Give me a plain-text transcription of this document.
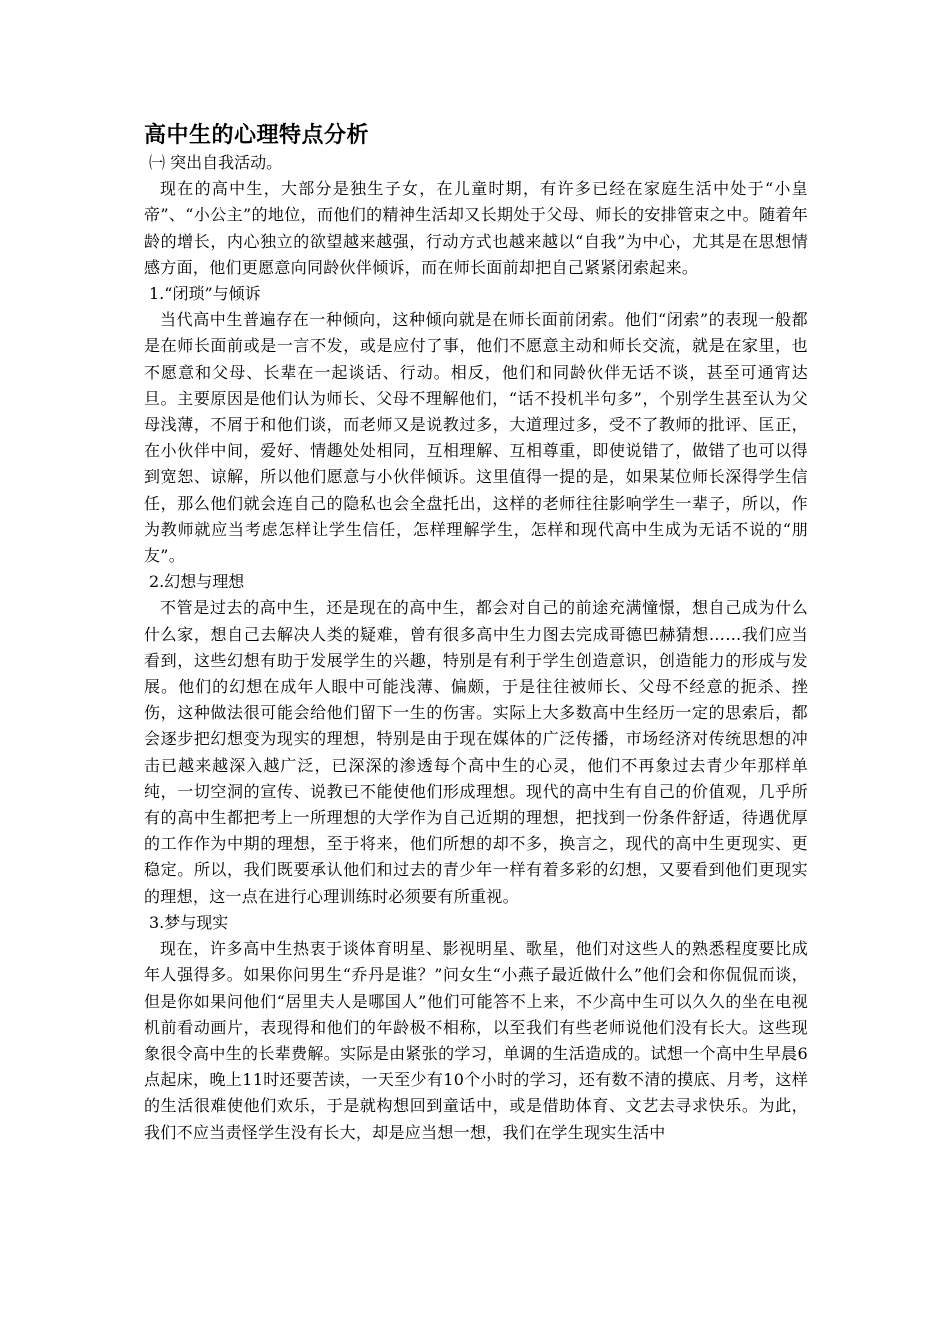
高中生的心理特点分析

㈠ 突出自我活动。

现在的高中生，大部分是独生子女，在儿童时期，有许多已经在家庭生活中处于“小皇帝”、“小公主”的地位，而他们的精神生活却又长期处于父母、师长的安排管束之中。随着年龄的增长，内心独立的欲望越来越强，行动方式也越来越以“自我”为中心，尤其是在思想情感方面，他们更愿意向同龄伙伴倾诉，而在师长面前却把自己紧紧闭索起来。

1.“闭琐”与倾诉

当代高中生普遍存在一种倾向，这种倾向就是在师长面前闭索。他们“闭索”的表现一般都是在师长面前或是一言不发，或是应付了事，他们不愿意主动和师长交流，就是在家里，也不愿意和父母、长辈在一起谈话、行动。相反，他们和同龄伙伴无话不谈，甚至可通宵达旦。主要原因是他们认为师长、父母不理解他们，“话不投机半句多”，个别学生甚至认为父母浅薄，不屑于和他们谈，而老师又是说教过多，大道理过多，受不了教师的批评、匡正，在小伙伴中间，爱好、情趣处处相同，互相理解、互相尊重，即使说错了，做错了也可以得到宽恕、谅解，所以他们愿意与小伙伴倾诉。这里值得一提的是，如果某位师长深得学生信任，那么他们就会连自己的隐私也会全盘托出，这样的老师往往影响学生一辈子，所以，作为教师就应当考虑怎样让学生信任，怎样理解学生，怎样和现代高中生成为无话不说的“朋友”。

2.幻想与理想

不管是过去的高中生，还是现在的高中生，都会对自己的前途充满憧憬，想自己成为什么什么家，想自己去解决人类的疑难，曾有很多高中生力图去完成哥德巴赫猜想……我们应当看到，这些幻想有助于发展学生的兴趣，特别是有利于学生创造意识，创造能力的形成与发展。他们的幻想在成年人眼中可能浅薄、偏颇，于是往往被师长、父母不经意的扼杀、挫伤，这种做法很可能会给他们留下一生的伤害。实际上大多数高中生经历一定的思索后，都会逐步把幻想变为现实的理想，特别是由于现在媒体的广泛传播，市场经济对传统思想的冲击已越来越深入越广泛，已深深的渗透每个高中生的心灵，他们不再象过去青少年那样单纯，一切空洞的宣传、说教已不能使他们形成理想。现代的高中生有自己的价值观，几乎所有的高中生都把考上一所理想的大学作为自己近期的理想，把找到一份条件舒适，待遇优厚的工作作为中期的理想，至于将来，他们所想的却不多，换言之，现代的高中生更现实、更稳定。所以，我们既要承认他们和过去的青少年一样有着多彩的幻想，又要看到他们更现实的理想，这一点在进行心理训练时必须要有所重视。

3.梦与现实

现在，许多高中生热衷于谈体育明星、影视明星、歌星，他们对这些人的熟悉程度要比成年人强得多。如果你问男生“乔丹是谁？”问女生“小燕子最近做什么”他们会和你侃侃而谈，但是你如果问他们“居里夫人是哪国人”他们可能答不上来，不少高中生可以久久的坐在电视机前看动画片，表现得和他们的年龄极不相称，以至我们有些老师说他们没有长大。这些现象很令高中生的长辈费解。实际是由紧张的学习，单调的生活造成的。试想一个高中生早晨6点起床，晚上11时还要苦读，一天至少有10个小时的学习，还有数不清的摸底、月考，这样的生活很难使他们欢乐，于是就构想回到童话中，或是借助体育、文艺去寻求快乐。为此，我们不应当责怪学生没有长大，却是应当想一想，我们在学生现实生活中
